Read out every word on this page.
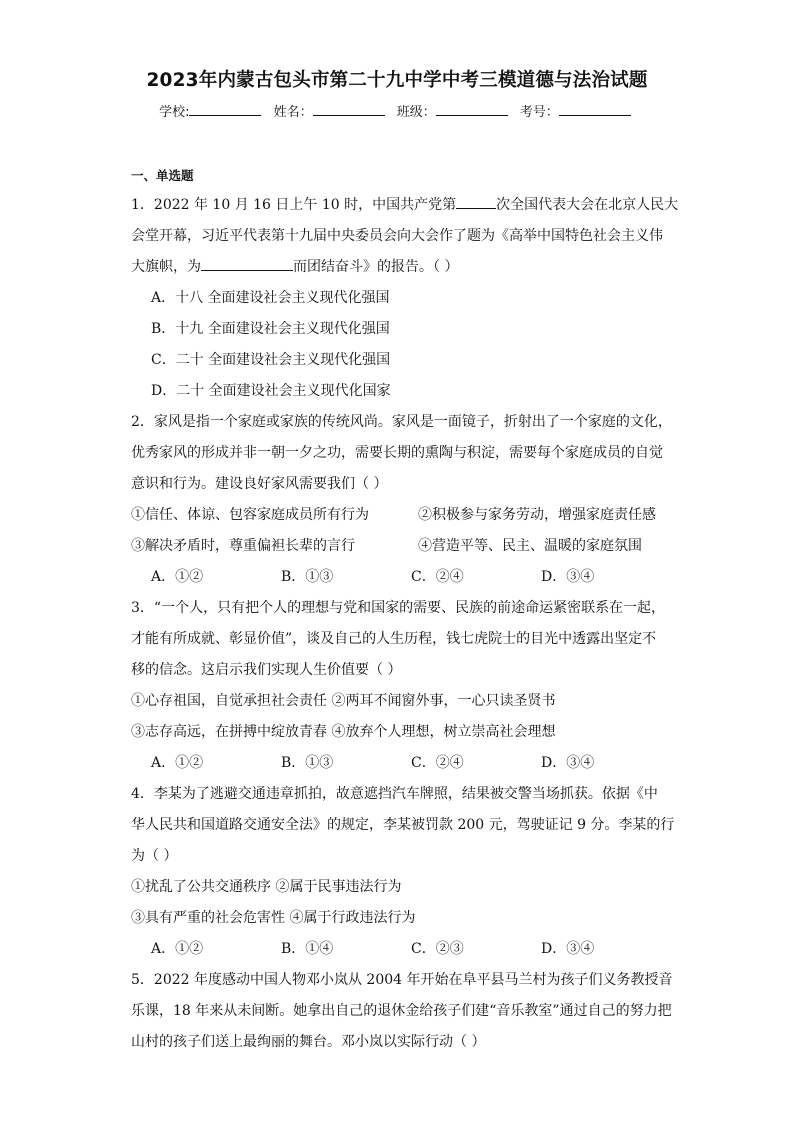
2023年内蒙古包头市第二十九中学中考三模道德与法治试题
学校:	姓名：	班级：	考号：
一、单选题
1．2022 年 10 月 16 日上午 10 时，中国共产党第	次全国代表大会在北京人民大
会堂开幕，习近平代表第十九届中央委员会向大会作了题为《高举中国特色社会主义伟
大旗帜，为	而团结奋斗》的报告。（ ）
A．十八 全面建设社会主义现代化强国
B．十九 全面建设社会主义现代化强国
C．二十 全面建设社会主义现代化强国
D．二十 全面建设社会主义现代化国家
2．家风是指一个家庭或家族的传统风尚。家风是一面镜子，折射出了一个家庭的文化，
优秀家风的形成并非一朝一夕之功，需要长期的熏陶与积淀，需要每个家庭成员的自觉
意识和行为。建设良好家风需要我们（ ）
①信任、体谅、包容家庭成员所有行为	②积极参与家务劳动，增强家庭责任感
③解决矛盾时，尊重偏袒长辈的言行	④营造平等、民主、温暖的家庭氛围
A．①②	B．①③	C．②④	D．③④
3．“一个人，只有把个人的理想与党和国家的需要、民族的前途命运紧密联系在一起，
才能有所成就、彰显价值”，谈及自己的人生历程，钱七虎院士的目光中透露出坚定不
移的信念。这启示我们实现人生价值要（ ）
①心存祖国，自觉承担社会责任 ②两耳不闻窗外事，一心只读圣贤书
③志存高远，在拼搏中绽放青春 ④放弃个人理想，树立崇高社会理想
A．①②	B．①③	C．②④	D．③④
4．李某为了逃避交通违章抓拍，故意遮挡汽车牌照，结果被交警当场抓获。依据《中
华人民共和国道路交通安全法》的规定，李某被罚款 200 元，驾驶证记 9 分。李某的行
为（ ）
①扰乱了公共交通秩序 ②属于民事违法行为
③具有严重的社会危害性 ④属于行政违法行为
A．①②	B．①④	C．②③	D．③④
5．2022 年度感动中国人物邓小岚从 2004 年开始在阜平县马兰村为孩子们义务教授音
乐课，18 年来从未间断。她拿出自己的退休金给孩子们建“音乐教室”通过自己的努力把
山村的孩子们送上最绚丽的舞台。邓小岚以实际行动（ ）
